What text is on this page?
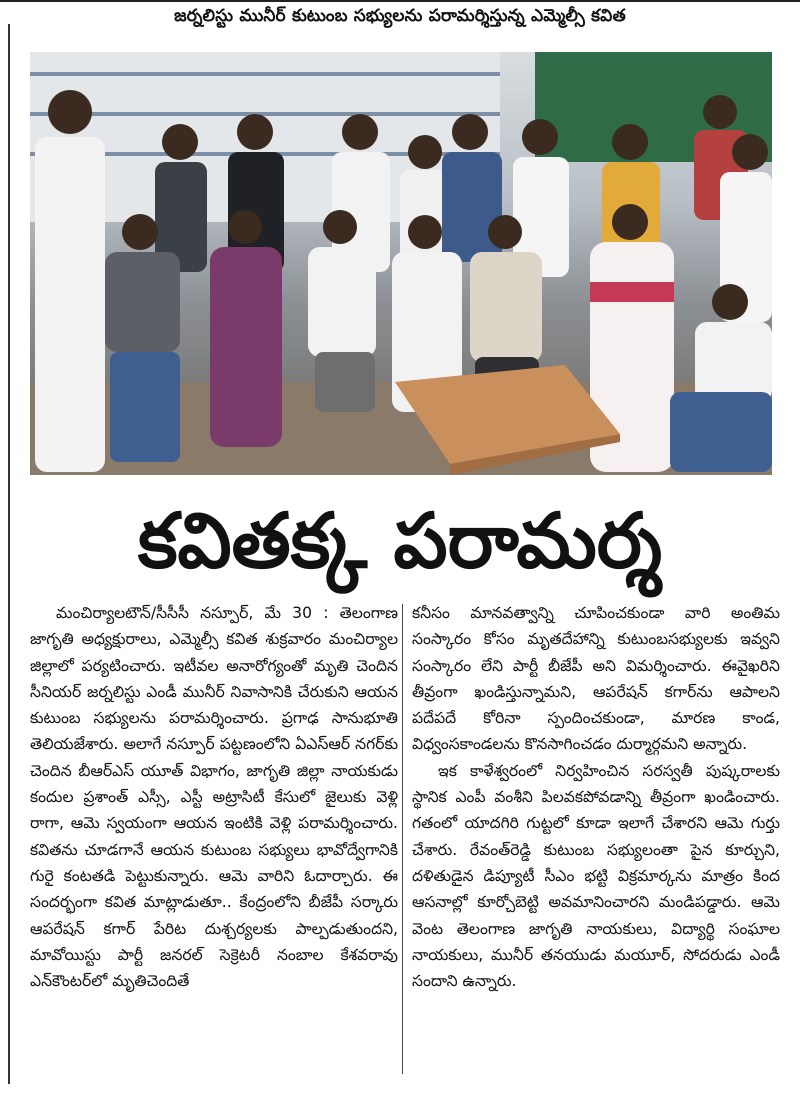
జర్నలిస్టు మునీర్ కుటుంబ సభ్యులను పరామర్శిస్తున్న ఎమ్మెల్సీ కవిత
కవితక్క పరామర్శ

మంచిర్యాలటౌన్/సీసీసీ నస్పూర్, మే 30 : తెలంగాణ జాగృతి అధ్యక్షురాలు, ఎమ్మెల్సీ కవిత శుక్రవారం మంచిర్యాల జిల్లాలో పర్యటించారు. ఇటీవల అనారోగ్యంతో మృతి చెందిన సీనియర్ జర్నలిస్టు ఎండీ మునీర్ నివాసానికి చేరుకుని ఆయన కుటుంబ సభ్యులను పరామర్శించారు. ప్రగాఢ సానుభూతి తెలియజేశారు. అలాగే నస్పూర్ పట్టణంలోని ఏఎస్ఆర్ నగర్‌కు చెందిన బీఆర్ఎస్ యూత్ విభాగం, జాగృతి జిల్లా నాయకుడు కందుల ప్రశాంత్ ఎస్సీ, ఎస్టీ అట్రాసిటీ కేసులో జైలుకు వెళ్లి రాగా, ఆమె స్వయంగా ఆయన ఇంటికి వెళ్లి పరామర్శించారు. కవితను చూడగానే ఆయన కుటుంబ సభ్యులు భావోద్వేగానికి గురై కంటతడి పెట్టుకున్నారు. ఆమె వారిని ఓదార్చారు. ఈ సందర్భంగా కవిత మాట్లాడుతూ.. కేంద్రంలోని బీజేపీ సర్కారు ఆపరేషన్ కగార్ పేరిట దుశ్చర్యలకు పాల్పడుతుందని, మావోయిస్టు పార్టీ జనరల్ సెక్రెటరీ నంబాల కేశవరావు ఎన్‌కౌంటర్‌లో మృతిచెందితే

కనీసం మానవత్వాన్ని చూపించకుండా వారి అంతిమ సంస్కారం కోసం మృతదేహాన్ని కుటుంబసభ్యులకు ఇవ్వని సంస్కారం లేని పార్టీ బీజేపీ అని విమర్శించారు. ఈవైఖరిని తీవ్రంగా ఖండిస్తున్నామని, ఆపరేషన్ కగార్‌ను ఆపాలని పదేపదే కోరినా స్పందించకుండా, మారణ కాండ, విధ్వంసకాండలను కొనసాగించడం దుర్మార్గమని అన్నారు.

ఇక కాళేశ్వరంలో నిర్వహించిన సరస్వతీ పుష్కరాలకు స్థానిక ఎంపీ వంశీని పిలవకపోవడాన్ని తీవ్రంగా ఖండించారు. గతంలో యాదగిరి గుట్టలో కూడా ఇలాగే చేశారని ఆమె గుర్తు చేశారు. రేవంత్‌రెడ్డి కుటుంబ సభ్యులంతా పైన కూర్చుని, దళితుడైన డిప్యూటీ సీఎం భట్టి విక్రమార్కను మాత్రం కింద ఆసనాల్లో కూర్చోబెట్టి అవమానించారని మండిపడ్డారు. ఆమె వెంట తెలంగాణ జాగృతి నాయకులు, విద్యార్థి సంఘాల నాయకులు, మునీర్ తనయుడు మయూర్, సోదరుడు ఎండీ సందాని ఉన్నారు.
